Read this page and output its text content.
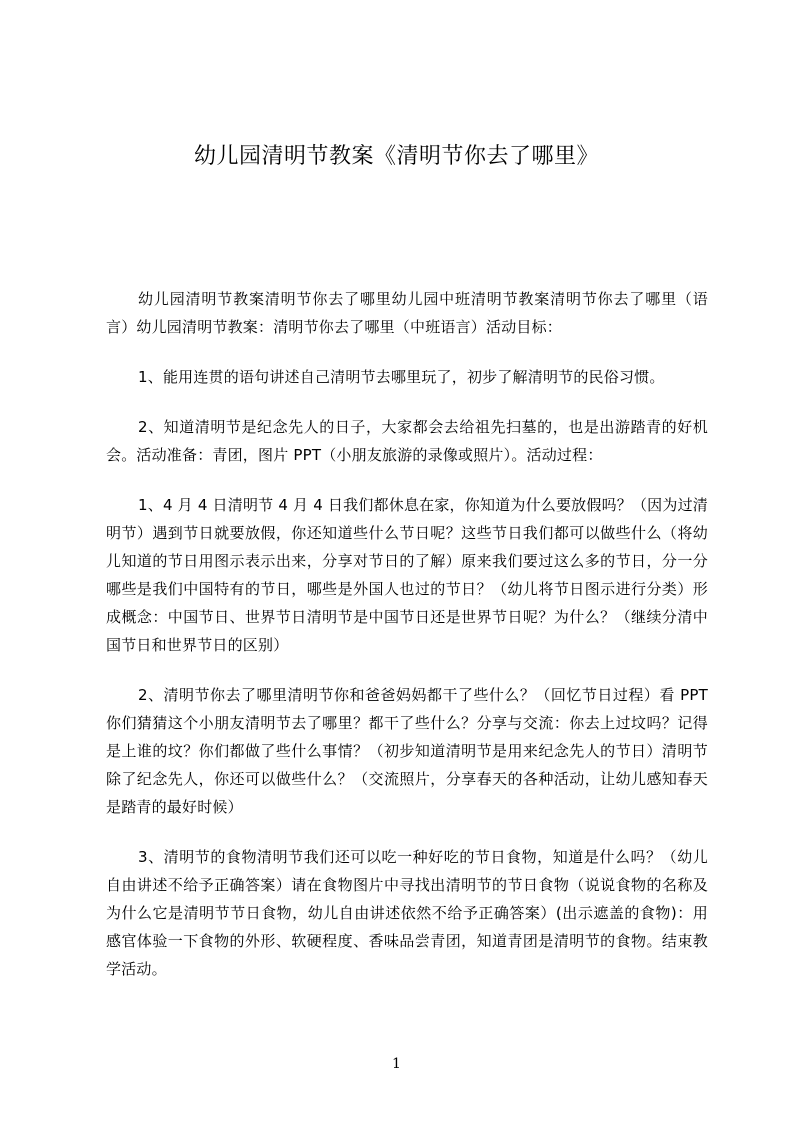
幼儿园清明节教案《清明节你去了哪里》

幼儿园清明节教案清明节你去了哪里幼儿园中班清明节教案清明节你去了哪里（语言）幼儿园清明节教案：清明节你去了哪里（中班语言）活动目标：

1、能用连贯的语句讲述自己清明节去哪里玩了，初步了解清明节的民俗习惯。

2、知道清明节是纪念先人的日子，大家都会去给祖先扫墓的，也是出游踏青的好机会。活动准备：青团，图片 PPT（小朋友旅游的录像或照片）。活动过程：

1、4 月 4 日清明节 4 月 4 日我们都休息在家，你知道为什么要放假吗？（因为过清明节）遇到节日就要放假，你还知道些什么节日呢？这些节日我们都可以做些什么（将幼儿知道的节日用图示表示出来，分享对节日的了解）原来我们要过这么多的节日，分一分哪些是我们中国特有的节日，哪些是外国人也过的节日？（幼儿将节日图示进行分类）形成概念：中国节日、世界节日清明节是中国节日还是世界节日呢？为什么？（继续分清中国节日和世界节日的区别）

2、清明节你去了哪里清明节你和爸爸妈妈都干了些什么？（回忆节日过程）看 PPT 你们猜猜这个小朋友清明节去了哪里？都干了些什么？分享与交流：你去上过坟吗？记得是上谁的坟？你们都做了些什么事情？（初步知道清明节是用来纪念先人的节日）清明节除了纪念先人，你还可以做些什么？（交流照片，分享春天的各种活动，让幼儿感知春天是踏青的最好时候）

3、清明节的食物清明节我们还可以吃一种好吃的节日食物，知道是什么吗？（幼儿自由讲述不给予正确答案）请在食物图片中寻找出清明节的节日食物（说说食物的名称及为什么它是清明节节日食物，幼儿自由讲述依然不给予正确答案）(出示遮盖的食物)：用感官体验一下食物的外形、软硬程度、香味品尝青团，知道青团是清明节的食物。结束教学活动。

1
